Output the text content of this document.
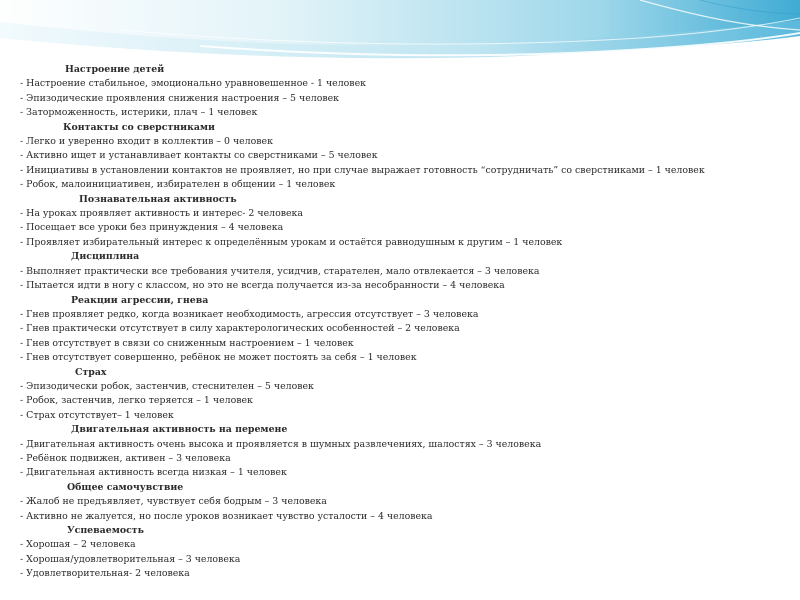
Настроение детей
- Настроение стабильное, эмоционально уравновешенное - 1 человек
- Эпизодические проявления снижения настроения – 5 человек
- Заторможенность, истерики, плач – 1 человек
Контакты со сверстниками
- Легко и уверенно входит в коллектив – 0 человек
- Активно ищет и устанавливает контакты со сверстниками – 5 человек
- Инициативы в установлении контактов не проявляет, но при случае выражает готовность “сотрудничать” со сверстниками – 1 человек
- Робок, малоинициативен, избирателен в общении – 1 человек
Познавательная активность
- На уроках проявляет активность и интерес- 2 человека
- Посещает все уроки без принуждения – 4 человека
- Проявляет избирательный интерес к определённым урокам и остаётся равнодушным к другим – 1 человек
Дисциплина
- Выполняет практически все требования учителя, усидчив, старателен, мало отвлекается – 3 человека
- Пытается идти в ногу с классом, но это не всегда получается из-за несобранности – 4 человека
Реакции агрессии, гнева
- Гнев проявляет редко, когда возникает необходимость, агрессия отсутствует – 3 человека
- Гнев практически отсутствует в силу характерологических особенностей – 2 человека
- Гнев отсутствует в связи со сниженным настроением – 1 человек
- Гнев отсутствует совершенно, ребёнок не может постоять за себя – 1 человек
Страх
- Эпизодически робок, застенчив, стеснителен – 5 человек
- Робок, застенчив, легко теряется – 1 человек
- Страх отсутствует– 1 человек
Двигательная активность на перемене
- Двигательная активность очень высока и проявляется в шумных развлечениях, шалостях – 3 человека
- Ребёнок подвижен, активен – 3 человека
- Двигательная активность всегда низкая – 1 человек
Общее самочувствие
- Жалоб не предъявляет, чувствует себя бодрым – 3 человека
- Активно не жалуется, но после уроков возникает чувство усталости – 4 человека
Успеваемость
- Хорошая – 2 человека
- Хорошая/удовлетворительная – 3 человека
- Удовлетворительная- 2 человека
